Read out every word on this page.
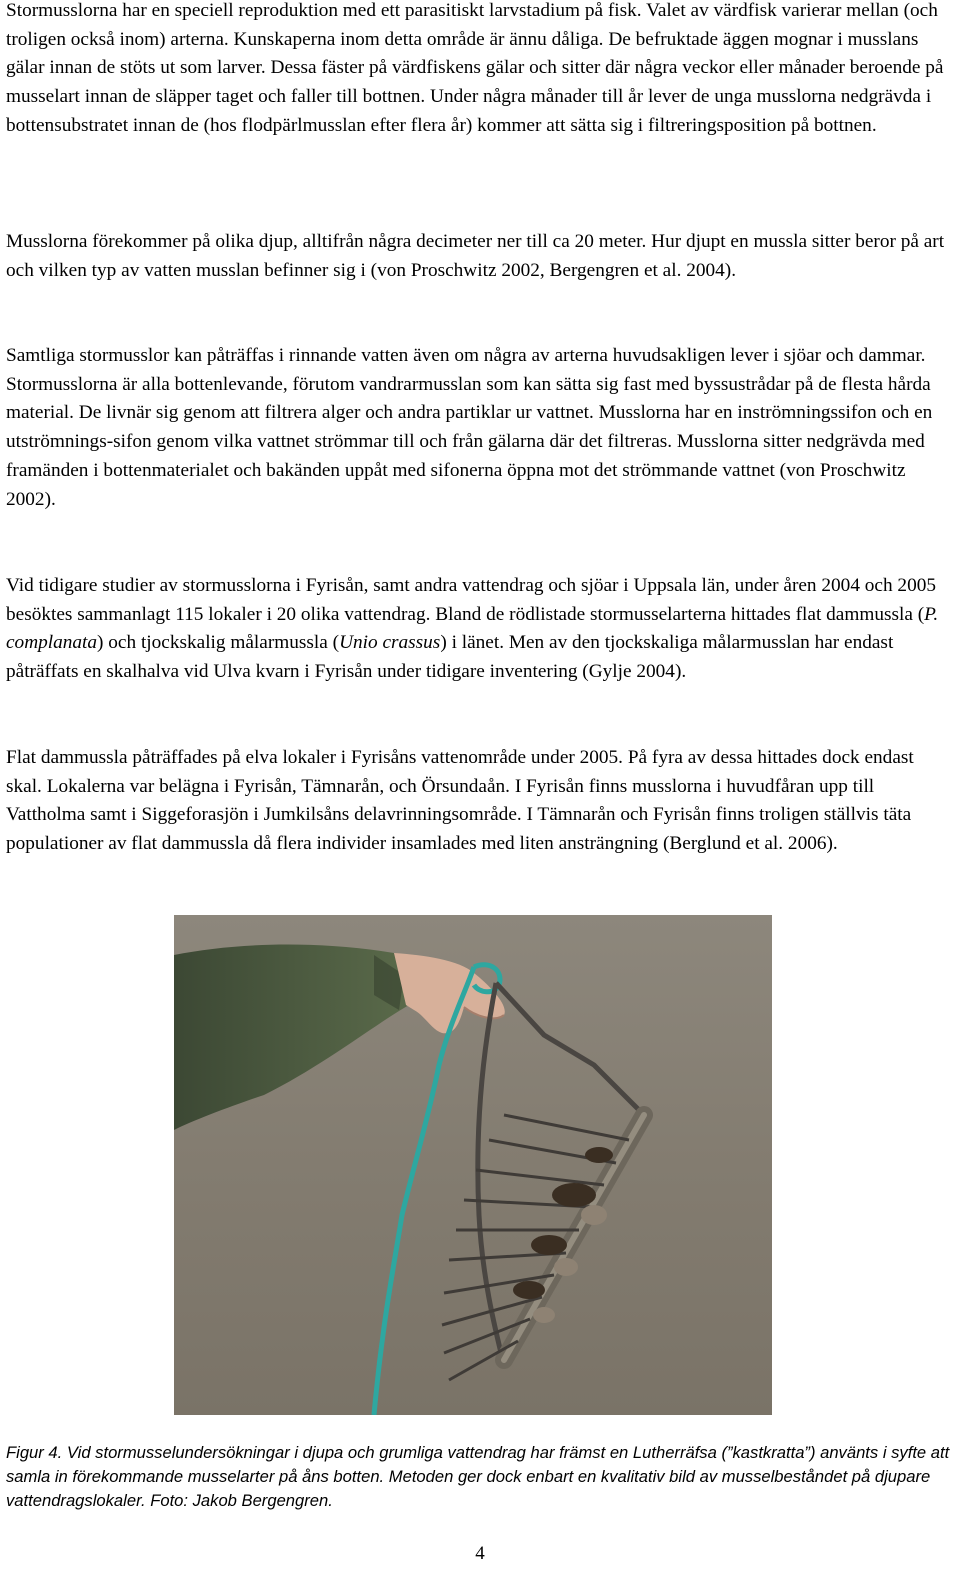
Stormusslorna har en speciell reproduktion med ett parasitiskt larvstadium på fisk. Valet av värdfisk varierar mellan (och troligen också inom) arterna. Kunskaperna inom detta område är ännu dåliga. De befruktade äggen mognar i musslans gälar innan de stöts ut som larver. Dessa fäster på värdfiskens gälar och sitter där några veckor eller månader beroende på musselart innan de släpper taget och faller till bottnen. Under några månader till år lever de unga musslorna nedgrävda i bottensubstratet innan de (hos flodpärlmusslan efter flera år) kommer att sätta sig i filtreringsposition på bottnen.

Musslorna förekommer på olika djup, alltifrån några decimeter ner till ca 20 meter. Hur djupt en mussla sitter beror på art och vilken typ av vatten musslan befinner sig i (von Proschwitz 2002, Bergengren et al. 2004).

Samtliga stormusslor kan påträffas i rinnande vatten även om några av arterna huvudsakligen lever i sjöar och dammar. Stormusslorna är alla bottenlevande, förutom vandrarmusslan som kan sätta sig fast med byssustrådar på de flesta hårda material. De livnär sig genom att filtrera alger och andra partiklar ur vattnet. Musslorna har en inströmningssifon och en utströmnings-sifon genom vilka vattnet strömmar till och från gälarna där det filtreras. Musslorna sitter nedgrävda med framänden i bottenmaterialet och bakänden uppåt med sifonerna öppna mot det strömmande vattnet (von Proschwitz 2002).

Vid tidigare studier av stormusslorna i Fyrisån, samt andra vattendrag och sjöar i Uppsala län, under åren 2004 och 2005 besöktes sammanlagt 115 lokaler i 20 olika vattendrag. Bland de rödlistade stormusselarterna hittades flat dammussla (P. complanata) och tjockskalig målarmussla (Unio crassus) i länet. Men av den tjockskaliga målarmusslan har endast påträffats en skalhalva vid Ulva kvarn i Fyrisån under tidigare inventering (Gylje 2004).

Flat dammussla påträffades på elva lokaler i Fyrisåns vattenområde under 2005. På fyra av dessa hittades dock endast skal. Lokalerna var belägna i Fyrisån, Tämnarån, och Örsundaån. I Fyrisån finns musslorna i huvudfåran upp till Vattholma samt i Siggeforasjön i Jumkilsåns delavrinningsområde. I Tämnarån och Fyrisån finns troligen ställvis täta populationer av flat dammussla då flera individer insamlades med liten ansträngning (Berglund et al. 2006).

Figur 4. Vid stormusselundersökningar i djupa och grumliga vattendrag har främst en Lutherräfsa (”kastkratta”) använts i syfte att samla in förekommande musselarter på åns botten. Metoden ger dock enbart en kvalitativ bild av musselbeståndet på djupare vattendragslokaler. Foto: Jakob Bergengren.

4
